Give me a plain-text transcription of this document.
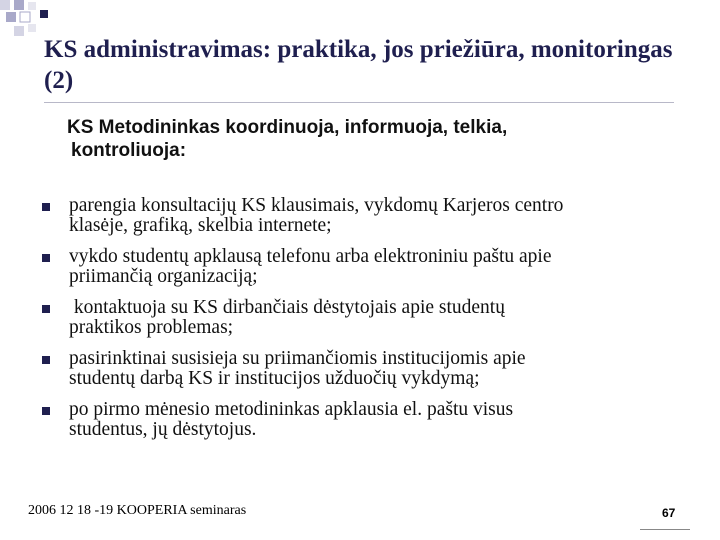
KS administravimas: praktika, jos priežiūra, monitoringas (2)
KS Metodininkas koordinuoja, informuoja, telkia,
kontroliuoja:
parengia konsultacijų KS klausimais, vykdomų Karjeros centro
klasėje, grafiką, skelbia internete;
vykdo studentų apklausą telefonu arba elektroniniu paštu apie
priimančią organizaciją;
kontaktuoja su KS dirbančiais dėstytojais apie studentų
praktikos problemas;
pasirinktinai susisieja su priimančiomis institucijomis apie
studentų darbą KS ir institucijos užduočių vykdymą;
po pirmo mėnesio metodininkas apklausia el. paštu visus
studentus, jų dėstytojus.
2006 12 18 -19 KOOPERIA seminaras	67
